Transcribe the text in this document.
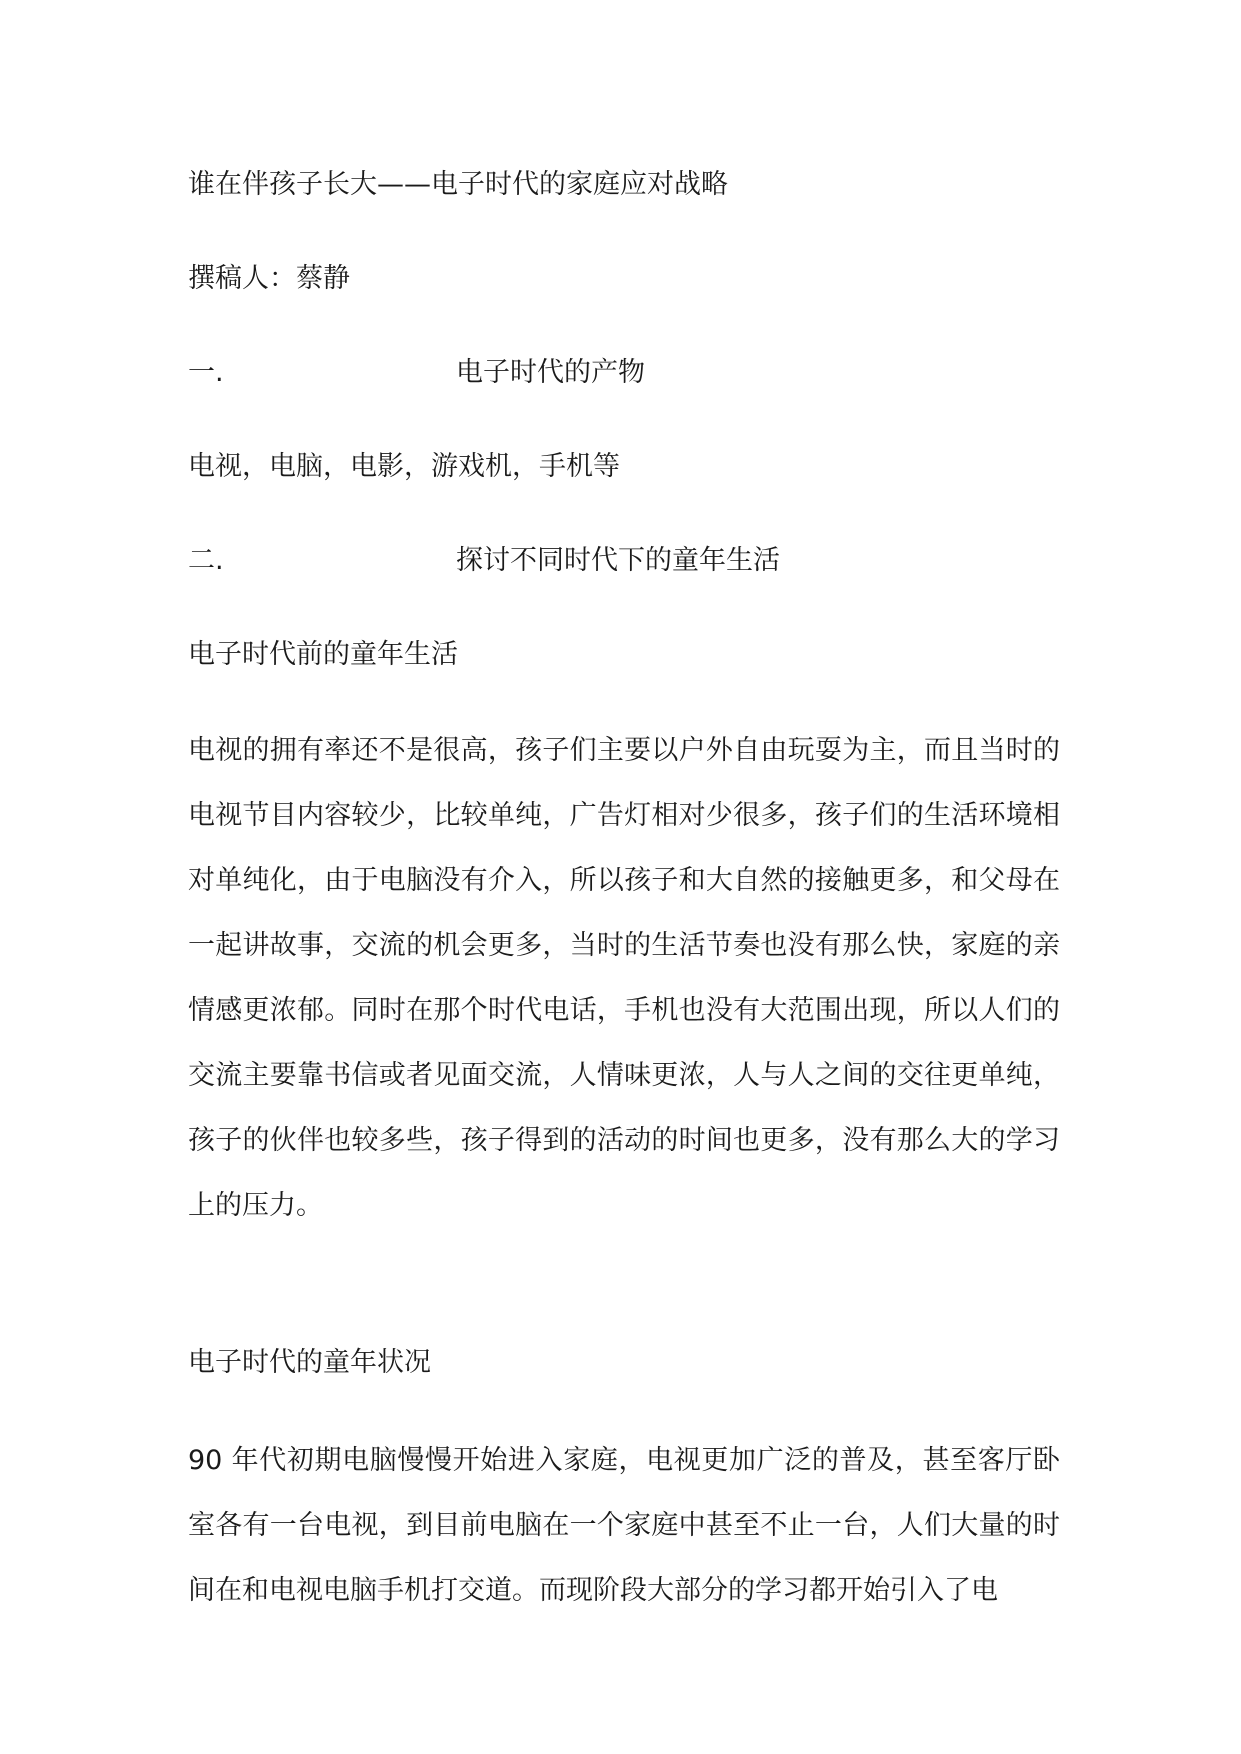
谁在伴孩子长大——电子时代的家庭应对战略
撰稿人：蔡静
一.	电子时代的产物
电视，电脑，电影，游戏机，手机等
二.	探讨不同时代下的童年生活
电子时代前的童年生活
电视的拥有率还不是很高，孩子们主要以户外自由玩耍为主，而且当时的电视节目内容较少，比较单纯，广告灯相对少很多，孩子们的生活环境相对单纯化，由于电脑没有介入，所以孩子和大自然的接触更多，和父母在一起讲故事，交流的机会更多，当时的生活节奏也没有那么快，家庭的亲情感更浓郁。同时在那个时代电话，手机也没有大范围出现，所以人们的交流主要靠书信或者见面交流，人情味更浓，人与人之间的交往更单纯，孩子的伙伴也较多些，孩子得到的活动的时间也更多，没有那么大的学习上的压力。
电子时代的童年状况
90 年代初期电脑慢慢开始进入家庭，电视更加广泛的普及，甚至客厅卧室各有一台电视，到目前电脑在一个家庭中甚至不止一台，人们大量的时间在和电视电脑手机打交道。而现阶段大部分的学习都开始引入了电
